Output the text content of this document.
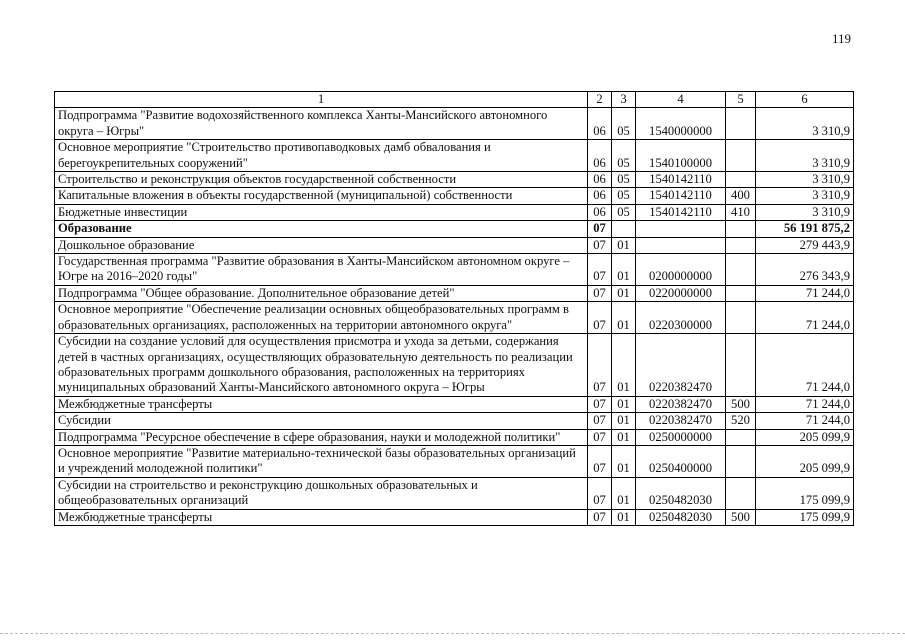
119
1	2	3	4	5	6
Подпрограмма "Развитие водохозяйственного комплекса Ханты-Мансийского автономного округа – Югры"	06	05	1540000000		3 310,9
Основное мероприятие "Строительство противопаводковых дамб обвалования и берегоукрепительных сооружений"	06	05	1540100000		3 310,9
Строительство и реконструкция объектов государственной собственности	06	05	1540142110		3 310,9
Капитальные вложения в объекты государственной (муниципальной) собственности	06	05	1540142110	400	3 310,9
Бюджетные инвестиции	06	05	1540142110	410	3 310,9
Образование	07				56 191 875,2
Дошкольное образование	07	01			279 443,9
Государственная программа "Развитие образования в Ханты-Мансийском автономном округе – Югре на 2016–2020 годы"	07	01	0200000000		276 343,9
Подпрограмма "Общее образование. Дополнительное образование детей"	07	01	0220000000		71 244,0
Основное мероприятие "Обеспечение реализации основных общеобразовательных программ в образовательных организациях, расположенных на территории автономного округа"	07	01	0220300000		71 244,0
Субсидии на создание условий для осуществления присмотра и ухода за детьми, содержания детей в частных организациях, осуществляющих образовательную деятельность по реализации образовательных программ дошкольного образования, расположенных на территориях муниципальных образований Ханты-Мансийского автономного округа – Югры	07	01	0220382470		71 244,0
Межбюджетные трансферты	07	01	0220382470	500	71 244,0
Субсидии	07	01	0220382470	520	71 244,0
Подпрограмма "Ресурсное обеспечение в сфере образования, науки и молодежной политики"	07	01	0250000000		205 099,9
Основное мероприятие "Развитие материально-технической базы образовательных организаций и учреждений молодежной политики"	07	01	0250400000		205 099,9
Субсидии на строительство и реконструкцию дошкольных образовательных и общеобразовательных организаций	07	01	0250482030		175 099,9
Межбюджетные трансферты	07	01	0250482030	500	175 099,9
